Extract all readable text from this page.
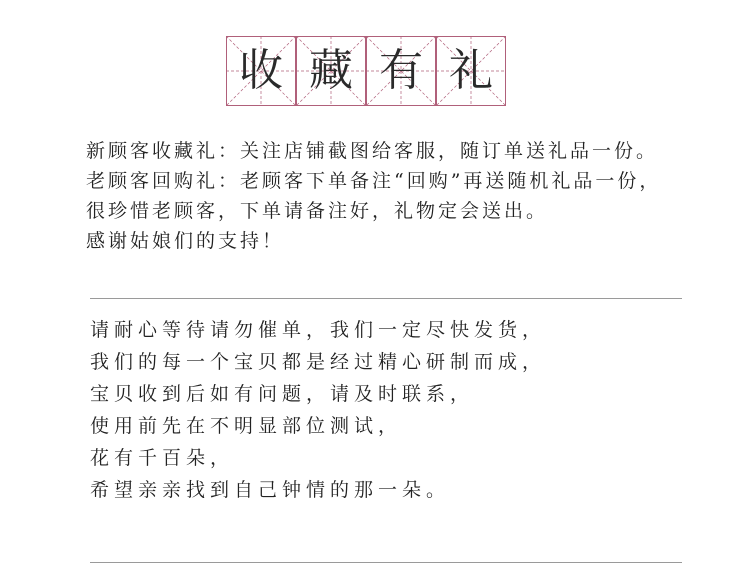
收 藏 有 礼
新顾客收藏礼：关注店铺截图给客服，随订单送礼品一份。
老顾客回购礼：老顾客下单备注“回购”再送随机礼品一份，
很珍惜老顾客，下单请备注好，礼物定会送出。
感谢姑娘们的支持！
请耐心等待请勿催单，我们一定尽快发货，
我们的每一个宝贝都是经过精心研制而成，
宝贝收到后如有问题，请及时联系，
使用前先在不明显部位测试，
花有千百朵，
希望亲亲找到自己钟情的那一朵。
